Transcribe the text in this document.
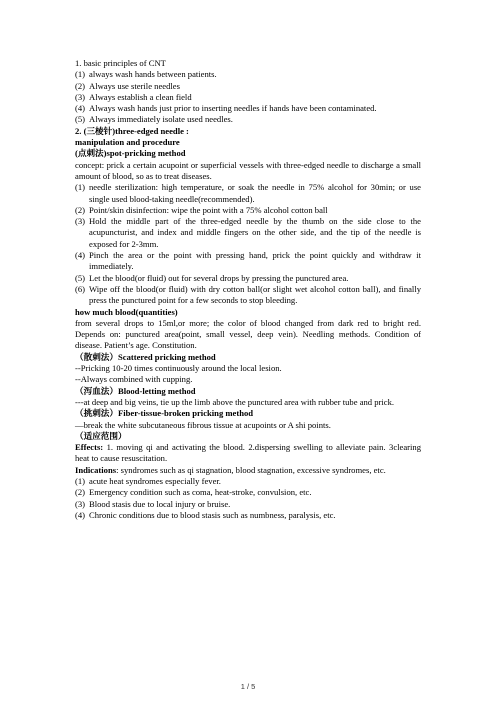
1. basic principles of CNT

(1) always wash hands between patients.
(2) Always use sterile needles
(3) Always establish a clean field
(4) Always wash hands just prior to inserting needles if hands have been contaminated.
(5) Always immediately isolate used needles.

2. (三棱针)three-edged needle :

manipulation and procedure

(点刺法)spot-pricking method

concept: prick a certain acupoint or superficial vessels with three-edged needle to discharge a small amount of blood, so as to treat diseases.

(1) needle sterilization: high temperature, or soak the needle in 75% alcohol for 30min; or use single used blood-taking needle(recommended).
(2) Point/skin disinfection: wipe the point with a 75% alcohol cotton ball
(3) Hold the middle part of the three-edged needle by the thumb on the side close to the acupuncturist, and index and middle fingers on the other side, and the tip of the needle is exposed for 2-3mm.
(4) Pinch the area or the point with pressing hand, prick the point quickly and withdraw it immediately.
(5) Let the blood(or fluid) out for several drops by pressing the punctured area.
(6) Wipe off the blood(or fluid) with dry cotton ball(or slight wet alcohol cotton ball), and finally press the punctured point for a few seconds to stop bleeding.

how much blood(quantities)

from several drops to 15ml,or more; the color of blood changed from dark red to bright red. Depends on: punctured area(point, small vessel, deep vein). Needling methods. Condition of disease. Patient’s age. Constitution.

（散刺法）Scattered pricking method

--Pricking 10-20 times continuously around the local lesion.

--Always combined with cupping.

（泻血法）Blood-letting method

---at deep and big veins, tie up the limb above the punctured area with rubber tube and prick.

（挑刺法）Fiber-tissue-broken pricking method

—break the white subcutaneous fibrous tissue at acupoints or A shi points.

（适应范围）

Effects: 1. moving qi and activating the blood. 2.dispersing swelling to alleviate pain. 3clearing heat to cause resuscitation.

Indications: syndromes such as qi stagnation, blood stagnation, excessive syndromes, etc.

(1) acute heat syndromes especially fever.
(2) Emergency condition such as coma, heat-stroke, convulsion, etc.
(3) Blood stasis due to local injury or bruise.
(4) Chronic conditions due to blood stasis such as numbness, paralysis, etc.
1 / 5
